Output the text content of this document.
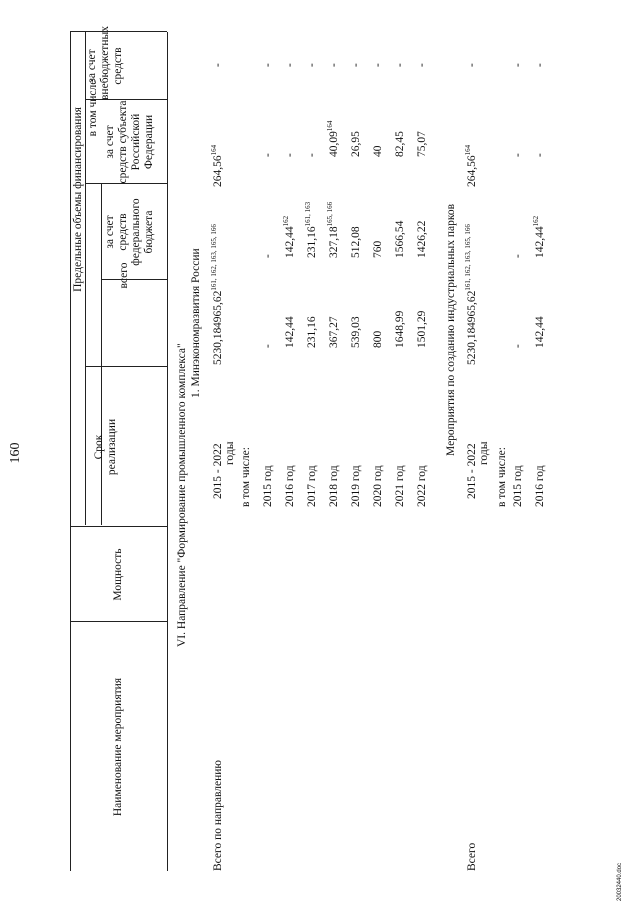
160
Наименование мероприятия
Мощность
Срок реализации
Предельные объемы финансирования	всего
в том числе
за счет средств субъекта Российской Федерации
за счет внебюджетных средств
за счет средств федерального бюджета
VI. Направление "Формирование промышленного комплекса"
1. Минэкономразвития России
Всего по направлению
2015 - 2022 годы
5230,18
4965,62$^{161, 162, 163, 165, 166}$
264,56$^{164}$
-
в том числе: 2015 год
-
-
-
-
2016 год
142,44
142,44$^{162}$
-
-
2017 год
231,16
231,16$^{161, 163}$
-
-
2018 год
367,27
327,18$^{165, 166}$
40,09$^{164}$
-
2019 год
539,03
512,08
26,95
-
2020 год
800
760
40
-
2021 год
1648,99
1566,54
82,45
-
2022 год
1501,29
1426,22
75,07
-
Мероприятия по созданию индустриальных парков
Всего
2015 - 2022 годы
5230,18
4965,62$^{161, 162, 163, 165, 166}$
264,56$^{164}$
-
в том числе: 2015 год
-
-
-
-
2016 год
142,44
142,44$^{162}$
-
-
20032440.doc
